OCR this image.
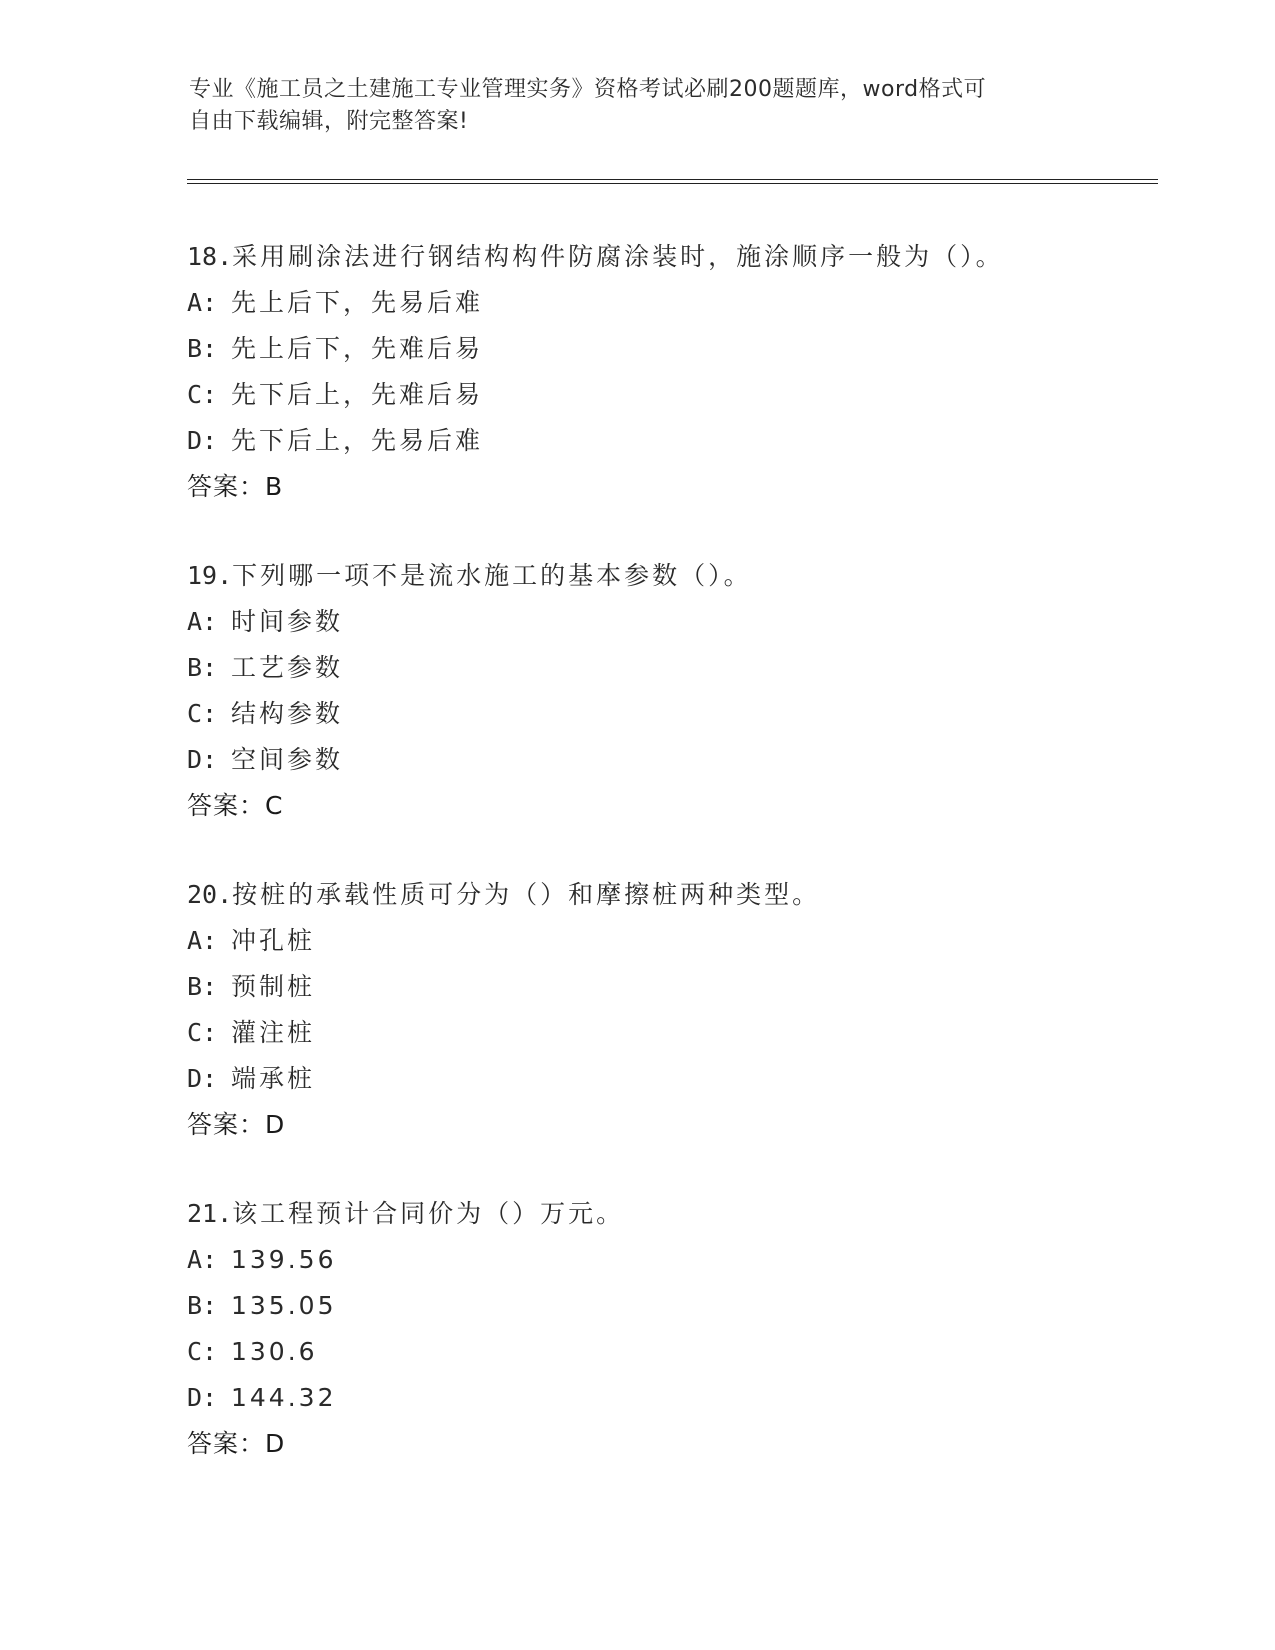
专业《施工员之土建施工专业管理实务》资格考试必刷200题题库，word格式可
自由下载编辑，附完整答案!
18.采用刷涂法进行钢结构构件防腐涂装时，施涂顺序一般为（）。
A: 先上后下，先易后难
B: 先上后下，先难后易
C: 先下后上，先难后易
D: 先下后上，先易后难
答案：B
19.下列哪一项不是流水施工的基本参数（）。
A: 时间参数
B: 工艺参数
C: 结构参数
D: 空间参数
答案：C
20.按桩的承载性质可分为（）和摩擦桩两种类型。
A: 冲孔桩
B: 预制桩
C: 灌注桩
D: 端承桩
答案：D
21.该工程预计合同价为（）万元。
A: 139.56
B: 135.05
C: 130.6
D: 144.32
答案：D
